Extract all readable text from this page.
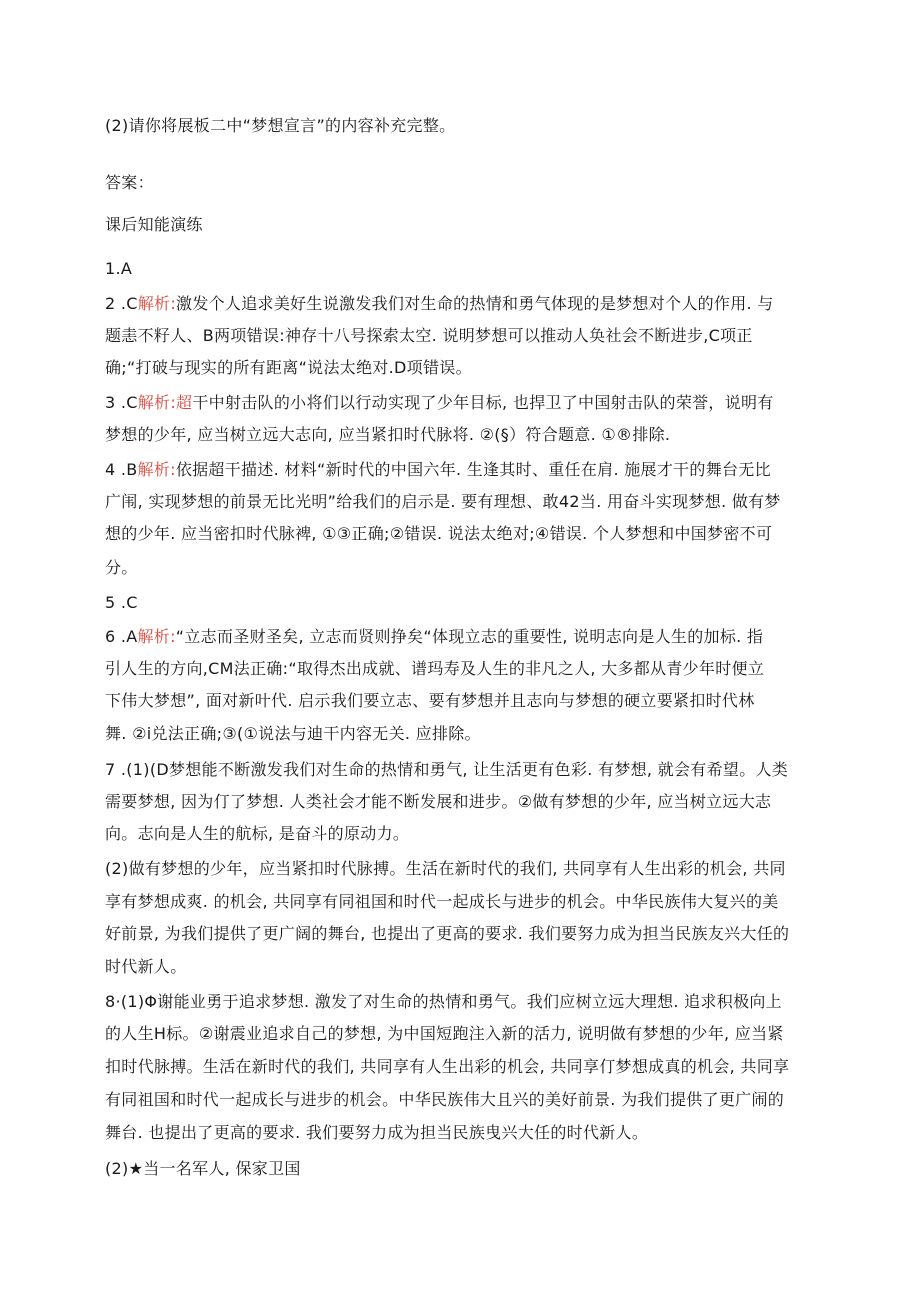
(2)请你将展板二中“梦想宣言”的内容补充完整。
答案：
课后知能演练
1.A
2 .C解析:激发个人追求美好生说激发我们对生命的热情和勇气体现的是梦想对个人的作用. 与
题恚不籽人、B两项错误:神存十八号探索太空. 说明梦想可以推动人奂社会不断进步,C项正
确;“打破与现实的所有距离“说法太绝对.D项错误。
3 .C解析:超干中射击队的小将们以行动实现了少年目标, 也捍卫了中国射击队的荣誉，说明有
梦想的少年, 应当树立远大志向, 应当紧扣时代脉将. ②(§）符合题意. ①®排除.
4 .B解析:依据超干描述. 材料“新时代的中国六年. 生逢其时、重任在肩. 施展才干的舞台无比
广闱, 实现梦想的前景无比光明”给我们的启示是. 要有理想、敢42当. 用奋斗实现梦想. 做有梦
想的少年. 应当密扣时代脉裨, ①③正确;②错误. 说法太绝对;④错误. 个人梦想和中国梦密不可
分。
5 .C
6 .A解析:“立志而圣财圣矣, 立志而贤则挣矣“体现立志的重要性, 说明志向是人生的加标. 指
引人生的方向,CM法正确:“取得杰出成就、谱玛寿及人生的非凡之人, 大多都从青少年时便立
下伟大梦想”, 面对新叶代. 启示我们要立志、要有梦想并且志向与梦想的硬立要紧扣时代林
舞. ②i兑法正确;③(①说法与迪干内容无关. 应排除。
7 .(1)(D梦想能不断激发我们对生命的热情和勇气, 让生活更有色彩. 有梦想, 就会有希望。人类
需要梦想, 因为仃了梦想. 人类社会才能不断发展和进步。②做有梦想的少年, 应当树立远大志
向。志向是人生的航标, 是奋斗的原动力。
(2)做有梦想的少年，应当紧扣时代脉搏。生活在新时代的我们, 共同享有人生出彩的机会, 共同
享有梦想成爽. 的机会, 共同享有同祖国和时代一起成长与进步的机会。中华民族伟大复兴的美
好前景, 为我们提供了更广阔的舞台, 也提出了更高的要求. 我们要努力成为担当民族友兴大任的
时代新人。
8·(1)Φ谢能业勇于追求梦想. 激发了对生命的热情和勇气。我们应树立远大理想. 追求积极向上
的人生H标。②谢震业追求自己的梦想, 为中国短跑注入新的活力, 说明做有梦想的少年, 应当紧
扣时代脉搏。生活在新时代的我们, 共同享有人生出彩的机会, 共同享仃梦想成真的机会, 共同享
有同祖国和时代一起成长与进步的机会。中华民族伟大且兴的美好前景. 为我们提供了更广闹的
舞台. 也提出了更高的要求. 我们要努力成为担当民族曳兴大任的时代新人。
(2)★当一名军人, 保家卫国
